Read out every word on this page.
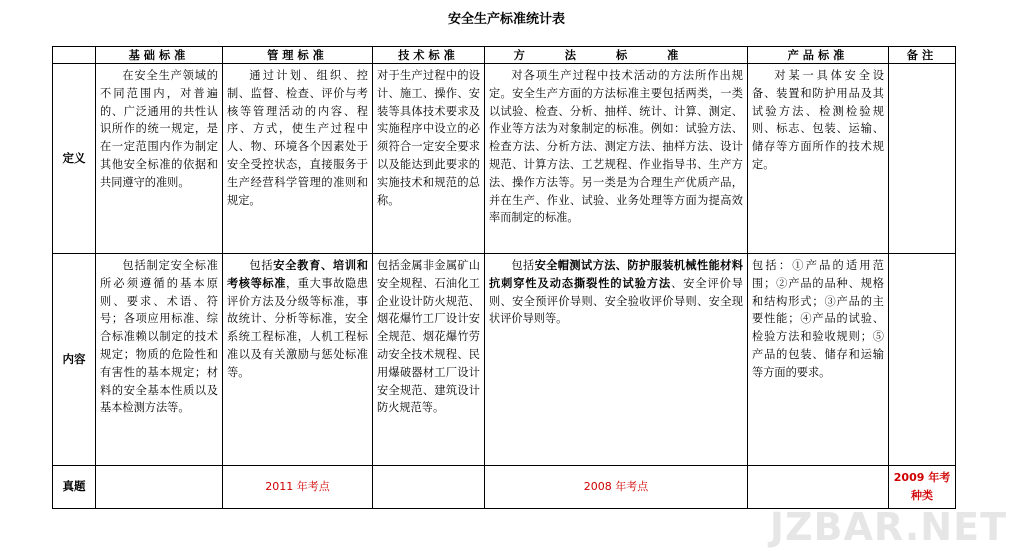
安全生产标准统计表
	基础标准	管理标准	技术标准	方法标准	产品标准	备注
定义	在安全生产领域的不同范围内，对普遍的、广泛通用的共性认识所作的统一规定，是在一定范围内作为制定其他安全标准的依据和共同遵守的准则。	通过计划、组织、控制、监督、检查、评价与考核等管理活动的内容、程序、方式，使生产过程中人、物、环境各个因素处于安全受控状态，直接服务于生产经营科学管理的准则和规定。	对于生产过程中的设计、施工、操作、安装等具体技术要求及实施程序中设立的必须符合一定安全要求以及能达到此要求的实施技术和规范的总称。	对各项生产过程中技术活动的方法所作出规定。安全生产方面的方法标准主要包括两类，一类以试验、检查、分析、抽样、统计、计算、测定、作业等方法为对象制定的标准。例如：试验方法、检查方法、分析方法、测定方法、抽样方法、设计规范、计算方法、工艺规程、作业指导书、生产方法、操作方法等。另一类是为合理生产优质产品，并在生产、作业、试验、业务处理等方面为提高效率而制定的标准。	对某一具体安全设备、装置和防护用品及其试验方法、检测检验规则、标志、包装、运输、储存等方面所作的技术规定。	

内容	包括制定安全标准所必须遵循的基本原则、要求、术语、符号；各项应用标准、综合标准赖以制定的技术规定；物质的危险性和有害性的基本规定；材料的安全基本性质以及基本检测方法等。	包括安全教育、培训和考核等标准，重大事故隐患评价方法及分级等标准，事故统计、分析等标准，安全系统工程标准，人机工程标准以及有关激励与惩处标准等。	包括金属非金属矿山安全规程、石油化工企业设计防火规范、烟花爆竹工厂设计安全规范、烟花爆竹劳动安全技术规程、民用爆破器材工厂设计安全规范、建筑设计防火规范等。	包括安全帽测试方法、防护服装机械性能材料抗刺穿性及动态撕裂性的试验方法、安全评价导则、安全预评价导则、安全验收评价导则、安全现状评价导则等。	包括：①产品的适用范围；②产品的品种、规格和结构形式；③产品的主要性能；④产品的试验、检验方法和验收规则；⑤产品的包装、储存和运输等方面的要求。	

真题		2011 年考点		2008 年考点		2009 年考种类
JZBAR.NET
